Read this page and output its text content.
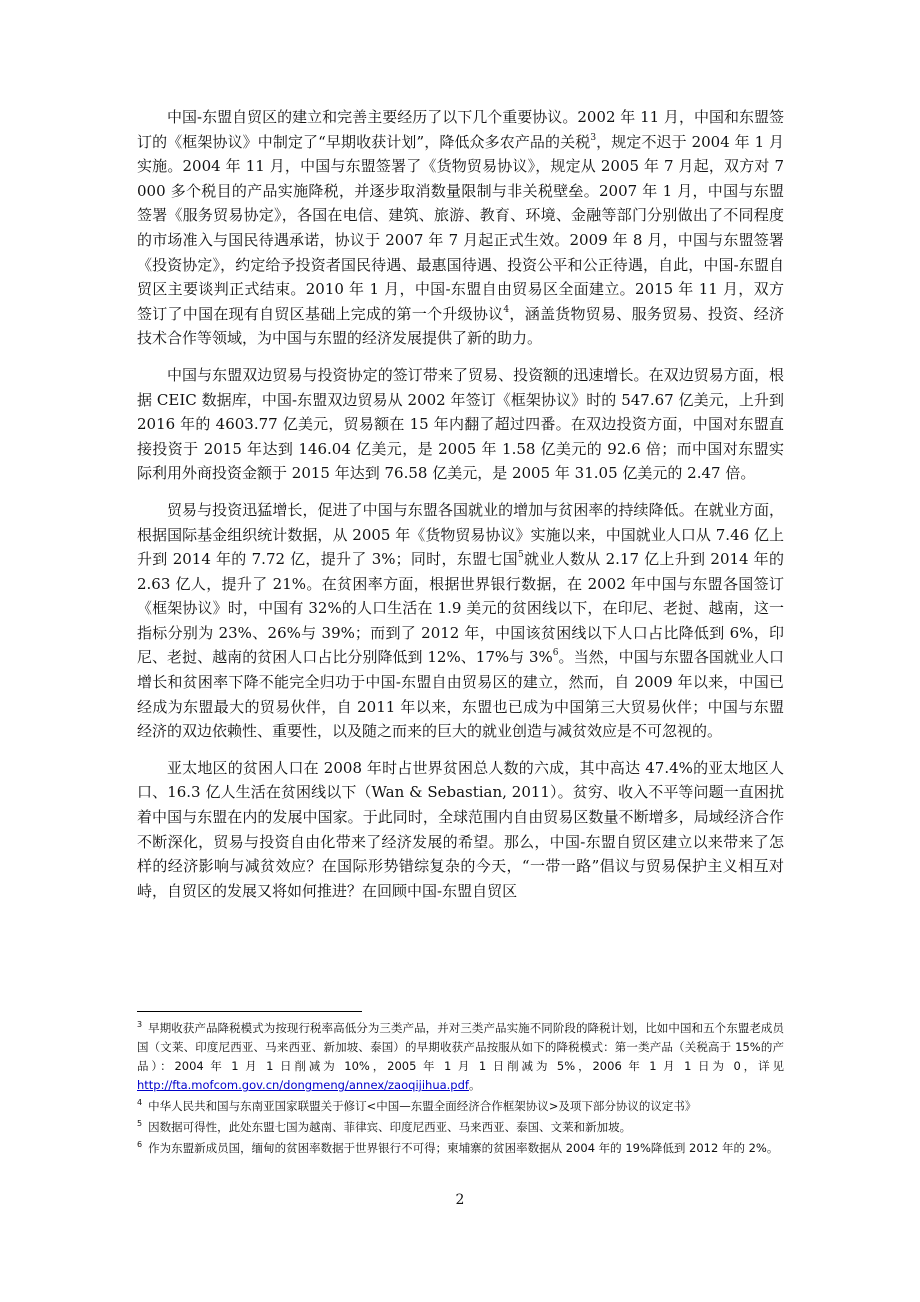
中国-东盟自贸区的建立和完善主要经历了以下几个重要协议。2002 年 11 月，中国和东盟签订的《框架协议》中制定了“早期收获计划”，降低众多农产品的关税$^3$，规定不迟于 2004 年 1 月实施。2004 年 11 月，中国与东盟签署了《货物贸易协议》，规定从 2005 年 7 月起，双方对 7 000 多个税目的产品实施降税，并逐步取消数量限制与非关税壁垒。2007 年 1 月，中国与东盟签署《服务贸易协定》，各国在电信、建筑、旅游、教育、环境、金融等部门分别做出了不同程度的市场准入与国民待遇承诺，协议于 2007 年 7 月起正式生效。2009 年 8 月，中国与东盟签署《投资协定》，约定给予投资者国民待遇、最惠国待遇、投资公平和公正待遇，自此，中国-东盟自贸区主要谈判正式结束。2010 年 1 月，中国-东盟自由贸易区全面建立。2015 年 11 月，双方签订了中国在现有自贸区基础上完成的第一个升级协议$^4$，涵盖货物贸易、服务贸易、投资、经济技术合作等领域，为中国与东盟的经济发展提供了新的助力。

中国与东盟双边贸易与投资协定的签订带来了贸易、投资额的迅速增长。在双边贸易方面，根据 CEIC 数据库，中国-东盟双边贸易从 2002 年签订《框架协议》时的 547.67 亿美元，上升到 2016 年的 4603.77 亿美元，贸易额在 15 年内翻了超过四番。在双边投资方面，中国对东盟直接投资于 2015 年达到 146.04 亿美元，是 2005 年 1.58 亿美元的 92.6 倍；而中国对东盟实际利用外商投资金额于 2015 年达到 76.58 亿美元，是 2005 年 31.05 亿美元的 2.47 倍。

贸易与投资迅猛增长，促进了中国与东盟各国就业的增加与贫困率的持续降低。在就业方面，根据国际基金组织统计数据，从 2005 年《货物贸易协议》实施以来，中国就业人口从 7.46 亿上升到 2014 年的 7.72 亿，提升了 3%；同时，东盟七国$^5$就业人数从 2.17 亿上升到 2014 年的 2.63 亿人，提升了 21%。在贫困率方面，根据世界银行数据，在 2002 年中国与东盟各国签订《框架协议》时，中国有 32%的人口生活在 1.9 美元的贫困线以下，在印尼、老挝、越南，这一指标分别为 23%、26%与 39%；而到了 2012 年，中国该贫困线以下人口占比降低到 6%，印尼、老挝、越南的贫困人口占比分别降低到 12%、17%与 3%$^6$。当然，中国与东盟各国就业人口增长和贫困率下降不能完全归功于中国-东盟自由贸易区的建立，然而，自 2009 年以来，中国已经成为东盟最大的贸易伙伴，自 2011 年以来，东盟也已成为中国第三大贸易伙伴；中国与东盟经济的双边依赖性、重要性，以及随之而来的巨大的就业创造与减贫效应是不可忽视的。

亚太地区的贫困人口在 2008 年时占世界贫困总人数的六成，其中高达 47.4%的亚太地区人口、16.3 亿人生活在贫困线以下（Wan & Sebastian, 2011）。贫穷、收入不平等问题一直困扰着中国与东盟在内的发展中国家。于此同时，全球范围内自由贸易区数量不断增多，局域经济合作不断深化，贸易与投资自由化带来了经济发展的希望。那么，中国-东盟自贸区建立以来带来了怎样的经济影响与减贫效应？在国际形势错综复杂的今天，“一带一路”倡议与贸易保护主义相互对峙，自贸区的发展又将如何推进？在回顾中国-东盟自贸区

$^3$ 早期收获产品降税模式为按现行税率高低分为三类产品，并对三类产品实施不同阶段的降税计划，比如中国和五个东盟老成员国（文莱、印度尼西亚、马来西亚、新加坡、泰国）的早期收获产品按服从如下的降税模式：第一类产品（关税高于 15%的产品）：2004 年 1 月 1 日削减为 10%，2005 年 1 月 1 日削减为 5%，2006 年 1 月 1 日为 0，详见 http://fta.mofcom.gov.cn/dongmeng/annex/zaoqijihua.pdf。

$^4$ 中华人民共和国与东南亚国家联盟关于修订<中国—东盟全面经济合作框架协议>及项下部分协议的议定书》

$^5$ 因数据可得性，此处东盟七国为越南、菲律宾、印度尼西亚、马来西亚、泰国、文莱和新加坡。

$^6$ 作为东盟新成员国，缅甸的贫困率数据于世界银行不可得；柬埔寨的贫困率数据从 2004 年的 19%降低到 2012 年的 2%。

2
